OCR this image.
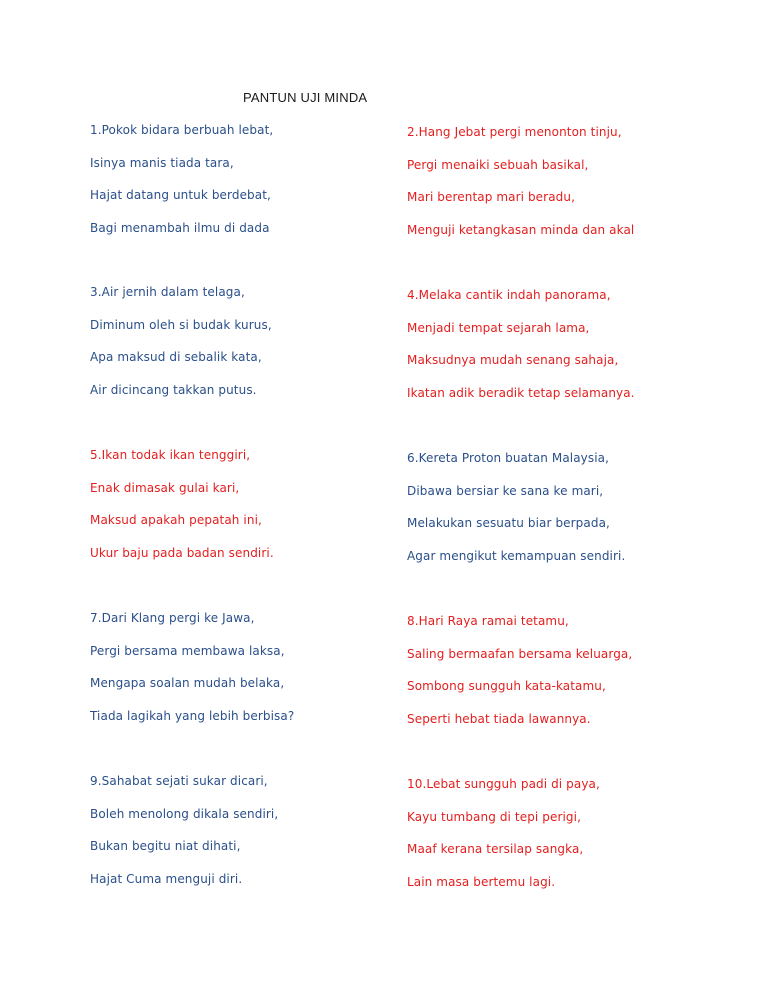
PANTUN UJI MINDA
1.Pokok bidara berbuah lebat,
Isinya manis tiada tara,
Hajat datang untuk berdebat,
Bagi menambah ilmu di dada
2.Hang Jebat pergi menonton tinju,
Pergi menaiki sebuah basikal,
Mari berentap mari beradu,
Menguji ketangkasan minda dan akal
3.Air jernih dalam telaga,
Diminum oleh si budak kurus,
Apa maksud di sebalik kata,
Air dicincang takkan putus.
4.Melaka cantik indah panorama,
Menjadi tempat sejarah lama,
Maksudnya mudah senang sahaja,
Ikatan adik beradik tetap selamanya.
5.Ikan todak ikan tenggiri,
Enak dimasak gulai kari,
Maksud apakah pepatah ini,
Ukur baju pada badan sendiri.
6.Kereta Proton buatan Malaysia,
Dibawa bersiar ke sana ke mari,
Melakukan sesuatu biar berpada,
Agar mengikut kemampuan sendiri.
7.Dari Klang pergi ke Jawa,
Pergi bersama membawa laksa,
Mengapa soalan mudah belaka,
Tiada lagikah yang lebih berbisa?
8.Hari Raya ramai tetamu,
Saling bermaafan bersama keluarga,
Sombong sungguh kata-katamu,
Seperti hebat tiada lawannya.
9.Sahabat sejati sukar dicari,
Boleh menolong dikala sendiri,
Bukan begitu niat dihati,
Hajat Cuma menguji diri.
10.Lebat sungguh padi di paya,
Kayu tumbang di tepi perigi,
Maaf kerana tersilap sangka,
Lain masa bertemu lagi.
